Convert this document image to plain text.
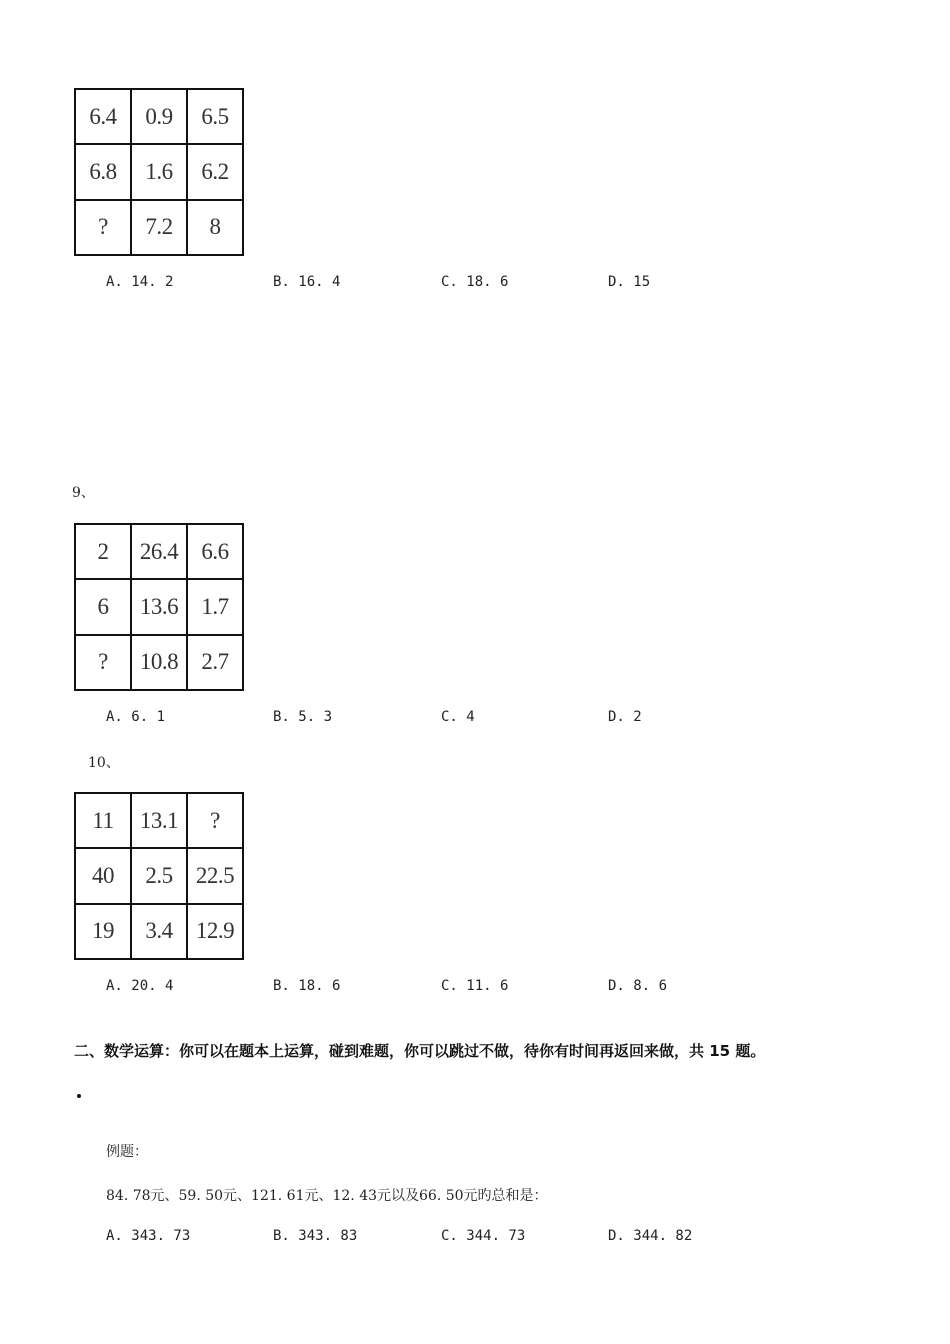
6.4	0.9	6.5
6.8	1.6	6.2
?	7.2	8
A. 14. 2	B. 16. 4	C. 18. 6	D. 15
9、
2	26.4	6.6
6	13.6	1.7
?	10.8	2.7
A. 6. 1	B. 5. 3	C. 4	D. 2
10、
11	13.1	?
40	2.5	22.5
19	3.4	12.9
A. 20. 4	B. 18. 6	C. 11. 6	D. 8. 6
二、数学运算：你可以在题本上运算，碰到难题，你可以跳过不做，待你有时间再返回来做，共 15 题。
例题：
84. 78元、59. 50元、121. 61元、12. 43元以及66. 50元旳总和是：
A. 343. 73	B. 343. 83	C. 344. 73	D. 344. 82
